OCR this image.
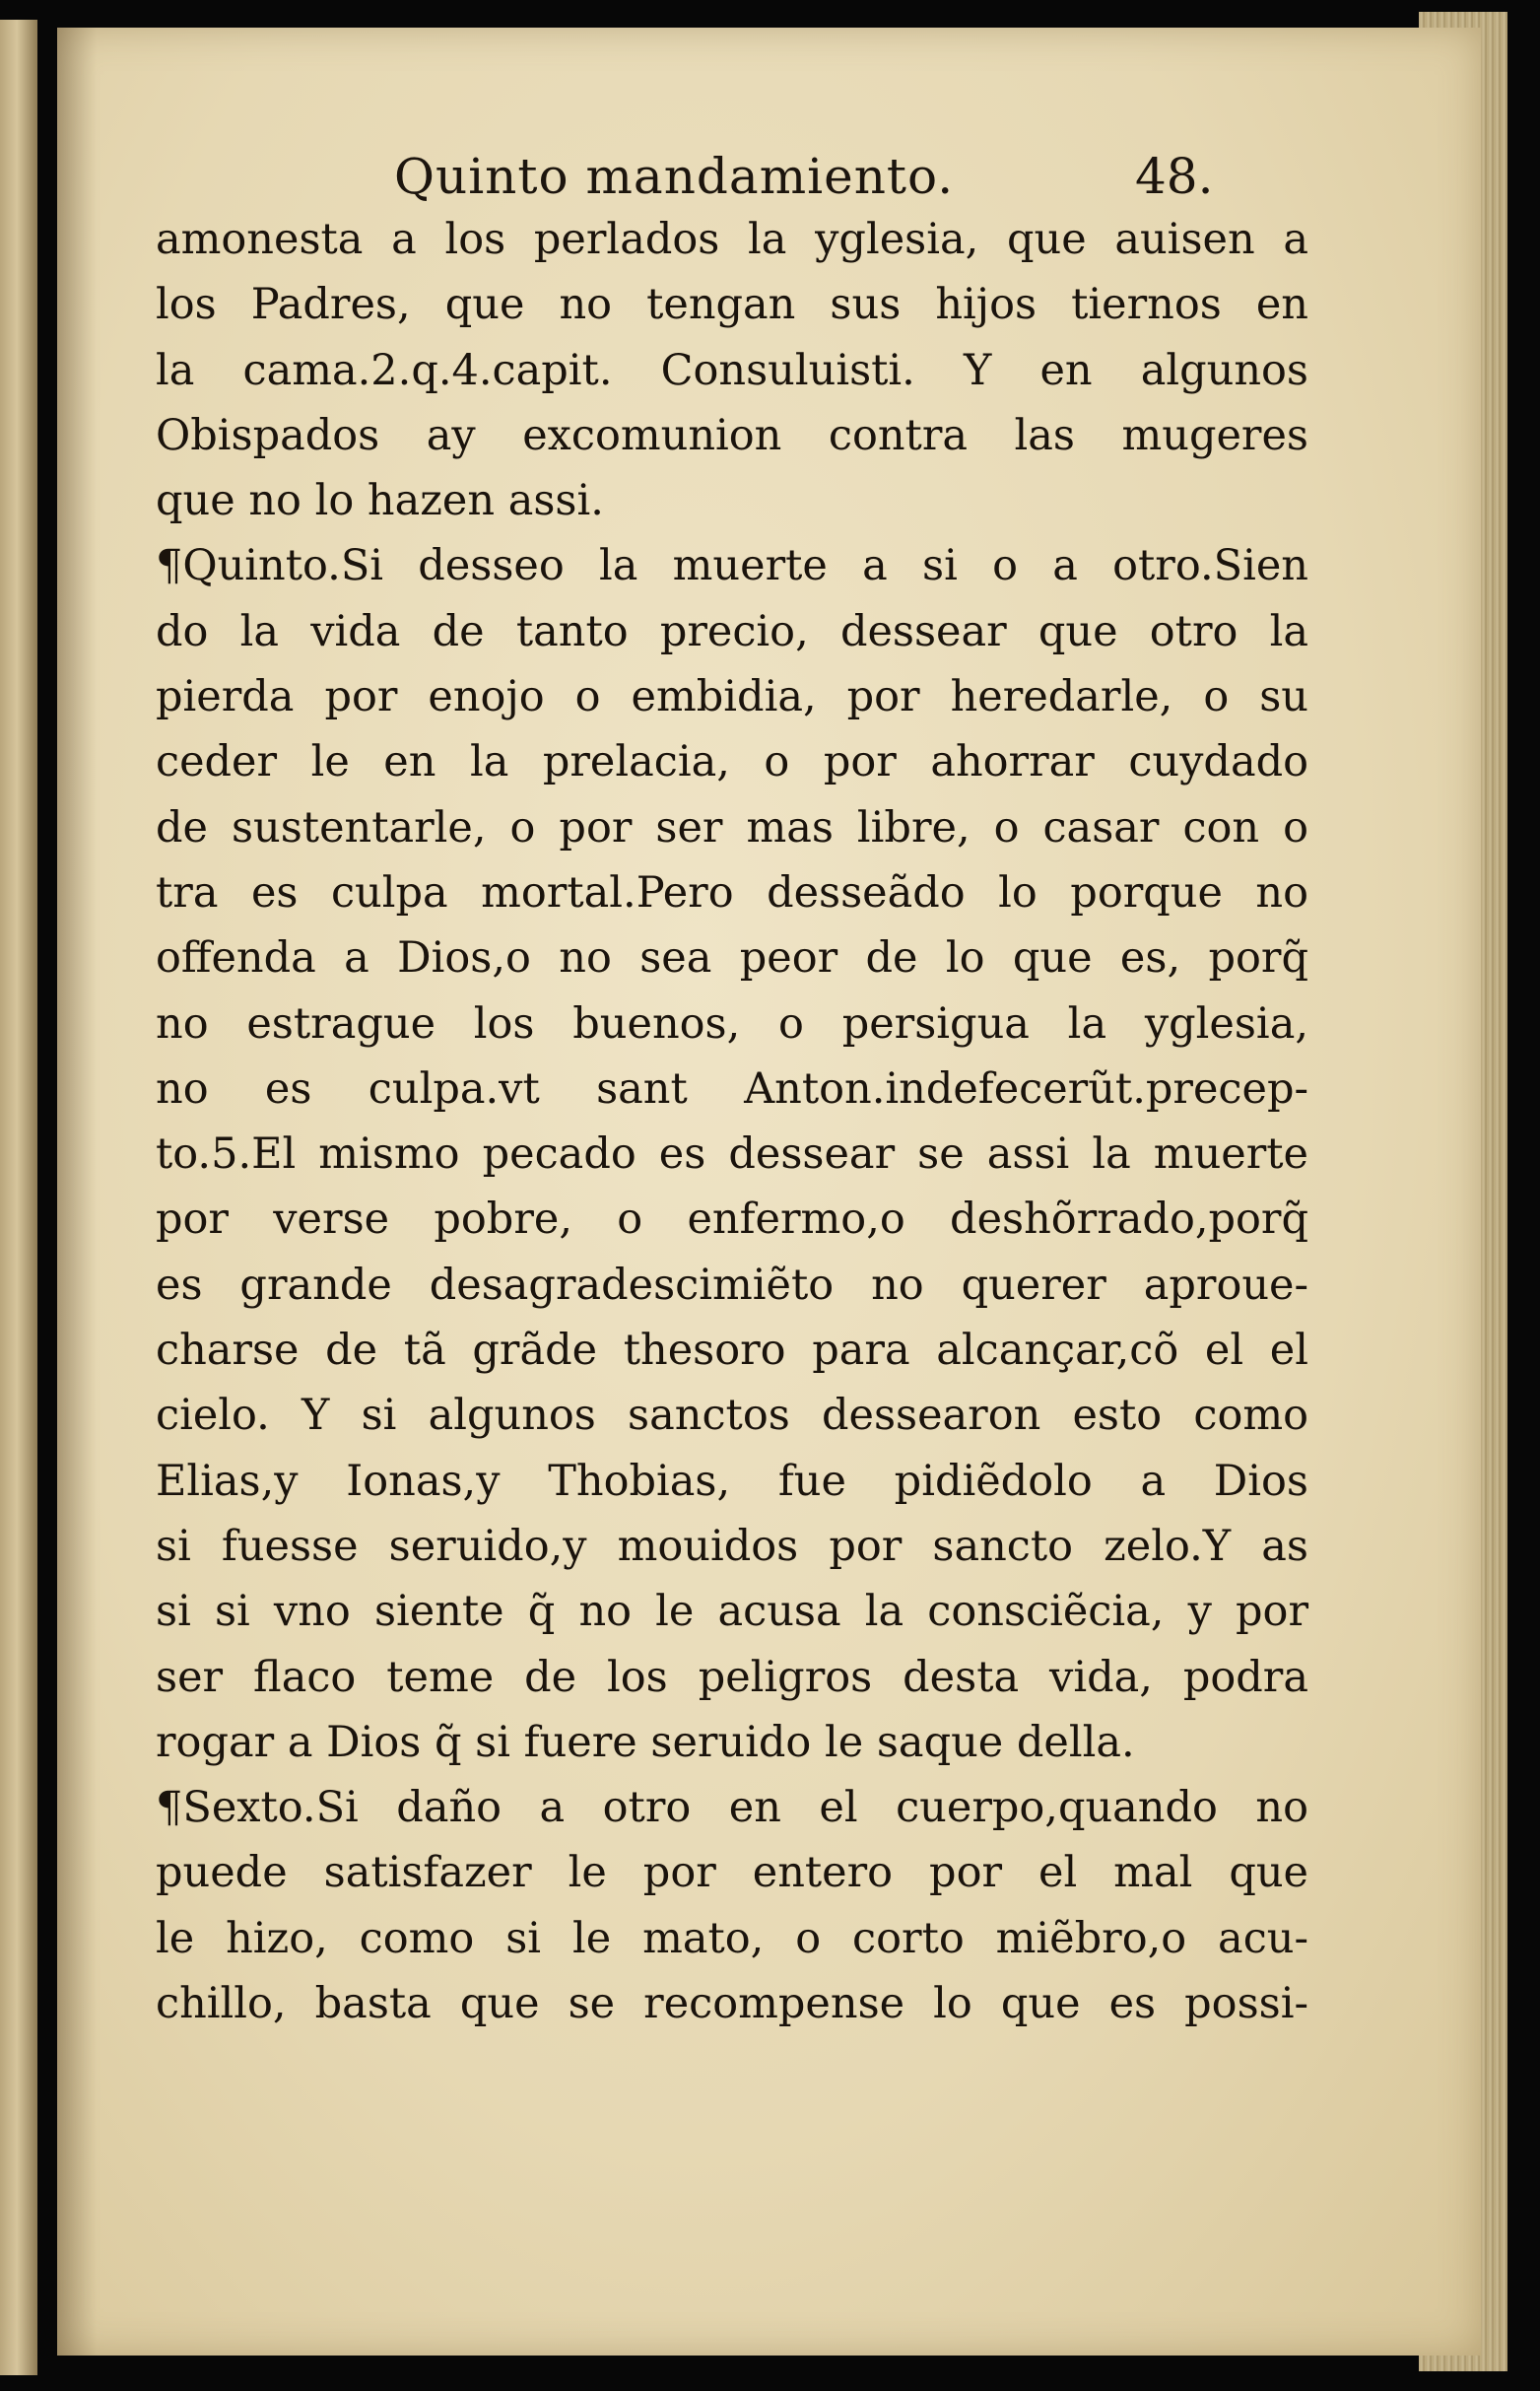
Quinto mandamiento.	48.
amonesta a los perlados la yglesia, que auisen a
los Padres, que no tengan sus hijos tiernos en
la cama.2.q.4.capit. Consuluisti. Y en algunos
Obispados ay excomunion contra las mugeres
que no lo hazen assi.
¶Quinto.Si desseo la muerte a si o a otro.Sien
do la vida de tanto precio, dessear que otro la
pierda por enojo o embidia, por heredarle, o su
ceder le en la prelacia, o por ahorrar cuydado
de sustentarle, o por ser mas libre, o casar con o
tra es culpa mortal.Pero desseãdo lo porque no
offenda a Dios,o no sea peor de lo que es, porq̃
no estrague los buenos, o persigua la yglesia,
no es culpa.vt sant Anton.indefecerũt.precep-
to.5.El mismo pecado es dessear se assi la muerte
por verse pobre, o enfermo,o deshõrrado,porq̃
es grande desagradescimiẽto no querer aproue-
charse de tã grãde thesoro para alcançar,cõ el el
cielo. Y si algunos sanctos dessearon esto como
Elias,y Ionas,y Thobias, fue pidiẽdolo a Dios
si fuesse seruido,y mouidos por sancto zelo.Y as
si si vno siente q̃ no le acusa la consciẽcia, y por
ser flaco teme de los peligros desta vida, podra
rogar a Dios q̃ si fuere seruido le saque della.
¶Sexto.Si daño a otro en el cuerpo,quando no
puede satisfazer le por entero por el mal que
le hizo, como si le mato, o corto miẽbro,o acu-
chillo, basta que se recompense lo que es possi-
